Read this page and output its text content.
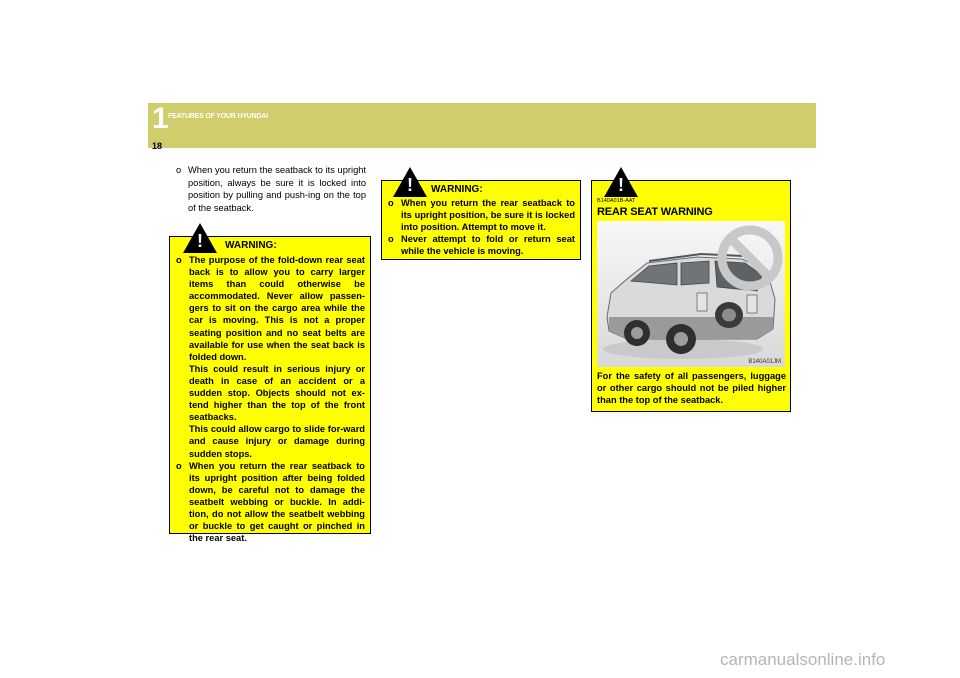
1 FEATURES OF YOUR HYUNDAI
18
o When you return the seatback to its upright position, always be sure it is locked into position by pulling and push-ing on the top of the seatback.
! WARNING:
o The purpose of the fold-down rear seat back is to allow you to carry larger items than could otherwise be accommodated. Never allow passen-gers to sit on the cargo area while the car is moving. This is not a proper seating position and no seat belts are available for use when the seat back is folded down.
This could result in serious injury or death in case of an accident or a sudden stop. Objects should not ex-tend higher than the top of the front seatbacks.
This could allow cargo to slide for-ward and cause injury or damage during sudden stops.
o When you return the rear seatback to its upright position after being folded down, be careful not to damage the seatbelt webbing or buckle. In addi-tion, do not allow the seatbelt webbing or buckle to get caught or pinched in the rear seat.
! WARNING:
o When you return the rear seatback to its upright position, be sure it is locked into position. Attempt to move it.
o Never attempt to fold or return seat while the vehicle is moving.
!
B140A01B-AAT
REAR SEAT WARNING
B140A01JM
For the safety of all passengers, luggage or other cargo should not be piled higher than the top of the seatback.
carmanualsonline.info
